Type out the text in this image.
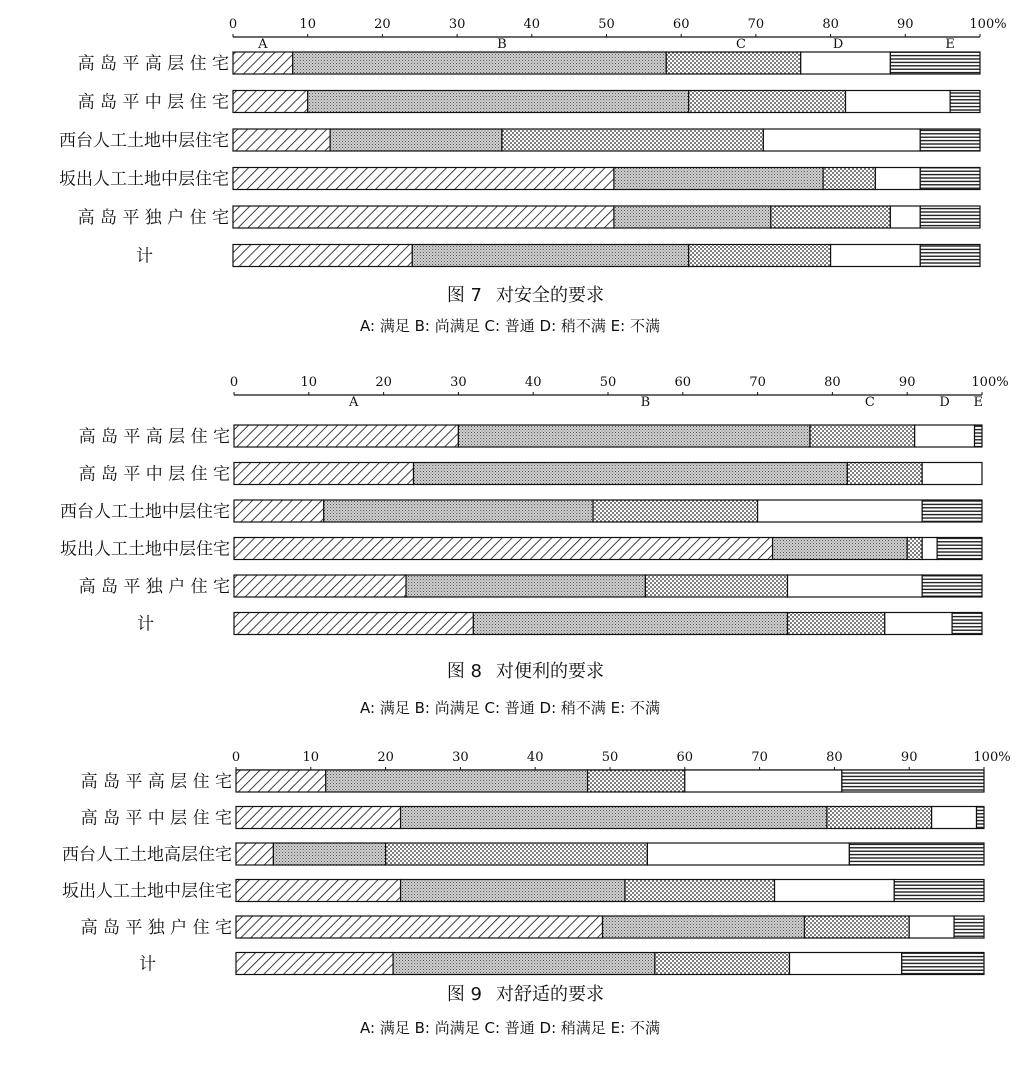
0	10	20	30	40	50	60	70	80	90	100%
A	B	C	D	E
高 岛 平 高 层 住 宅
高 岛 平 中 层 住 宅
西台人工土地中层住宅
坂出人工土地中层住宅
高 岛 平 独 户 住 宅
计
图 7 对安全的要求
A: 满足 B: 尚满足 C: 普通 D: 稍不满 E: 不满
0	10	20	30	40	50	60	70	80	90	100%
A	B	C	D E
高 岛 平 高 层 住 宅
高 岛 平 中 层 住 宅
西台人工土地中层住宅
坂出人工土地中层住宅
高 岛 平 独 户 住 宅
计
图 8 对便利的要求
A: 满足 B: 尚满足 C: 普通 D: 稍不满 E: 不满
0	10	20	30	40	50	60	70	80	90	100%
高 岛 平 高 层 住 宅
高 岛 平 中 层 住 宅
西台人工土地高层住宅
坂出人工土地中层住宅
高 岛 平 独 户 住 宅
计
图 9 对舒适的要求
A: 满足 B: 尚满足 C: 普通 D: 稍满足 E: 不满
